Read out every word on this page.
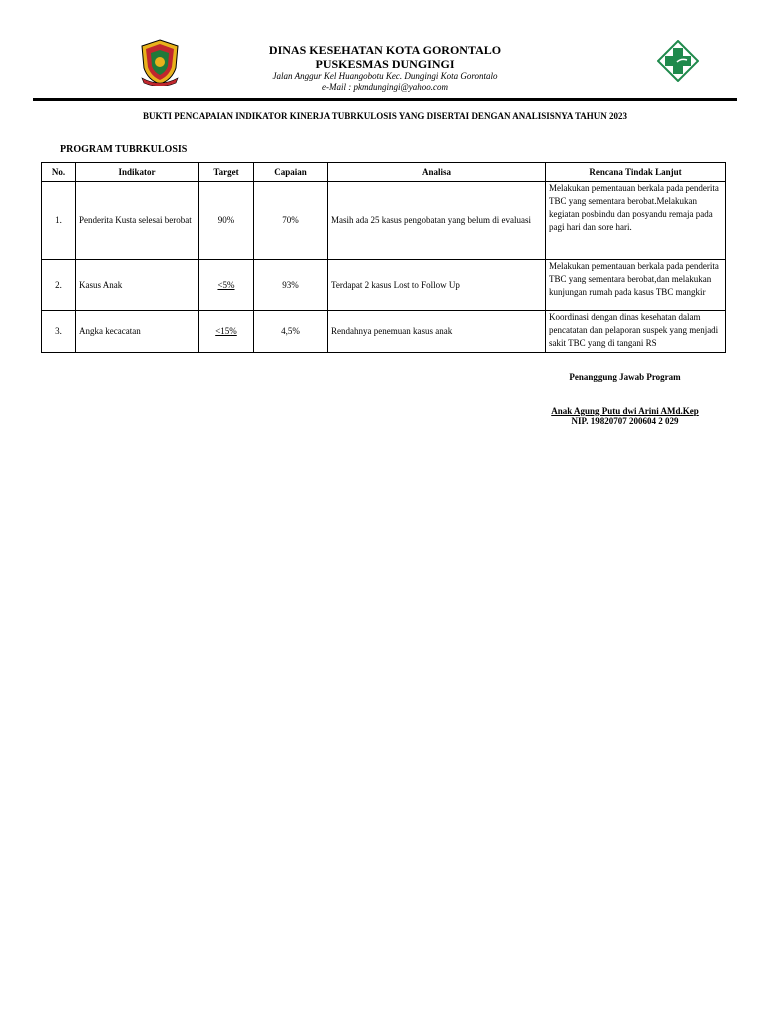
DINAS KESEHATAN KOTA GORONTALO
PUSKESMAS DUNGINGI
Jalan Anggur Kel Huangobotu Kec. Dungingi Kota Gorontalo
e-Mail : pkmdungingi@yahoo.com
BUKTI PENCAPAIAN INDIKATOR KINERJA TUBRKULOSIS YANG DISERTAI DENGAN ANALISISNYA TAHUN 2023
PROGRAM TUBRKULOSIS
No.	Indikator	Target	Capaian	Analisa	Rencana Tindak Lanjut
1.	Penderita Kusta selesai berobat	90%	70%	Masih ada 25 kasus pengobatan yang belum di evaluasi	Melakukan pementauan berkala pada penderita TBC yang sementara berobat.Melakukan kegiatan posbindu dan posyandu remaja pada pagi hari dan sore hari.
2.	Kasus Anak	<5%	93%	Terdapat 2 kasus Lost to Follow Up	Melakukan pementauan berkala pada penderita TBC yang sementara berobat,dan melakukan kunjungan rumah pada kasus TBC mangkir
3.	Angka kecacatan	<15%	4,5%	Rendahnya penemuan kasus anak	Koordinasi dengan dinas kesehatan dalam pencatatan dan pelaporan suspek yang menjadi sakit TBC yang di tangani RS
Penanggung Jawab Program
Anak Agung Putu dwi Arini AMd.Kep
NIP. 19820707 200604 2 029
